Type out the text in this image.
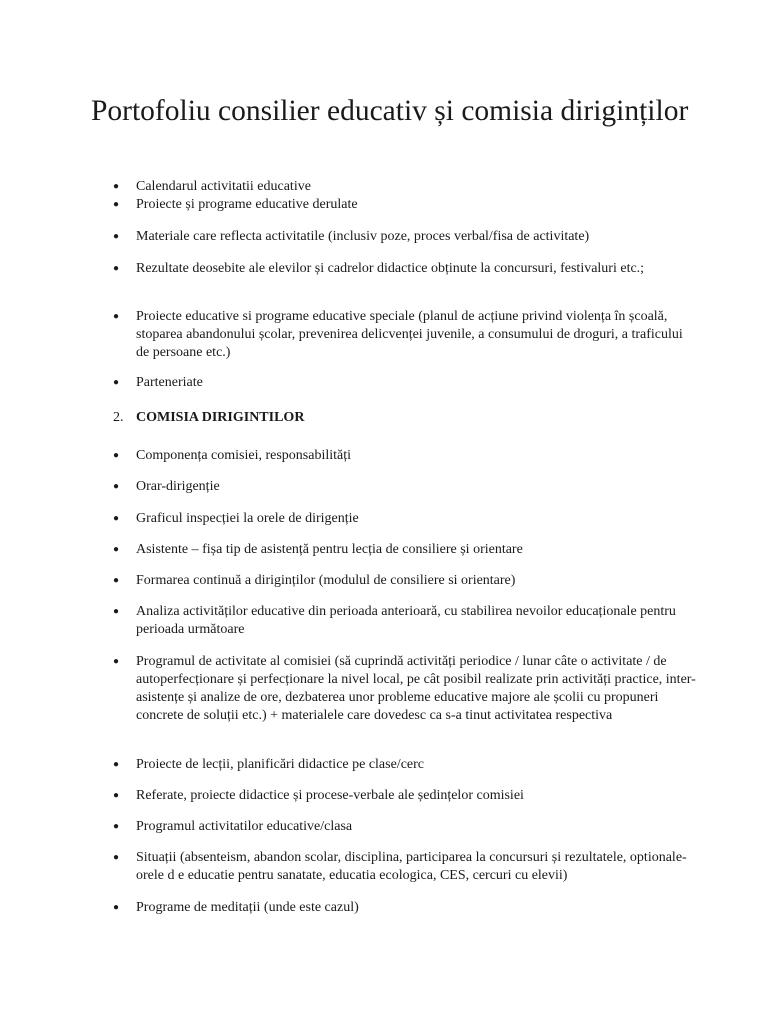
Portofoliu consilier educativ și comisia diriginților
●	Calendarul activitatii educative
●	Proiecte și programe educative derulate
●	Materiale care reflecta activitatile (inclusiv poze, proces verbal/fisa de activitate)
●	Rezultate deosebite ale elevilor și cadrelor didactice obținute la concursuri, festivaluri etc.;
●	Proiecte educative si programe educative speciale (planul de acțiune privind violența în școală, stoparea abandonului școlar, prevenirea delicvenței juvenile, a consumului de droguri, a traficului de persoane etc.)
●	Parteneriate
2. COMISIA DIRIGINTILOR
●	Componența comisiei, responsabilități
●	Orar-dirigenție
●	Graficul inspecției la orele de dirigenție
●	Asistente – fișa tip de asistență pentru lecția de consiliere și orientare
●	Formarea continuă a diriginților (modulul de consiliere si orientare)
●	Analiza activităților educative din perioada anterioară, cu stabilirea nevoilor educaționale pentru perioada următoare
●	Programul de activitate al comisiei (să cuprindă activități periodice / lunar câte o activitate / de autoperfecționare și perfecționare la nivel local, pe cât posibil realizate prin activități practice, inter-asistențe și analize de ore, dezbaterea unor probleme educative majore ale școlii cu propuneri concrete de soluții etc.) + materialele care dovedesc ca s-a tinut activitatea respectiva
●	Proiecte de lecții, planificări didactice pe clase/cerc
●	Referate, proiecte didactice și procese-verbale ale ședințelor comisiei
●	Programul activitatilor educative/clasa
●	Situații (absenteism, abandon scolar, disciplina, participarea la concursuri și rezultatele, optionale- orele d e educatie pentru sanatate, educatia ecologica, CES, cercuri cu elevii)
●	Programe de meditații (unde este cazul)
